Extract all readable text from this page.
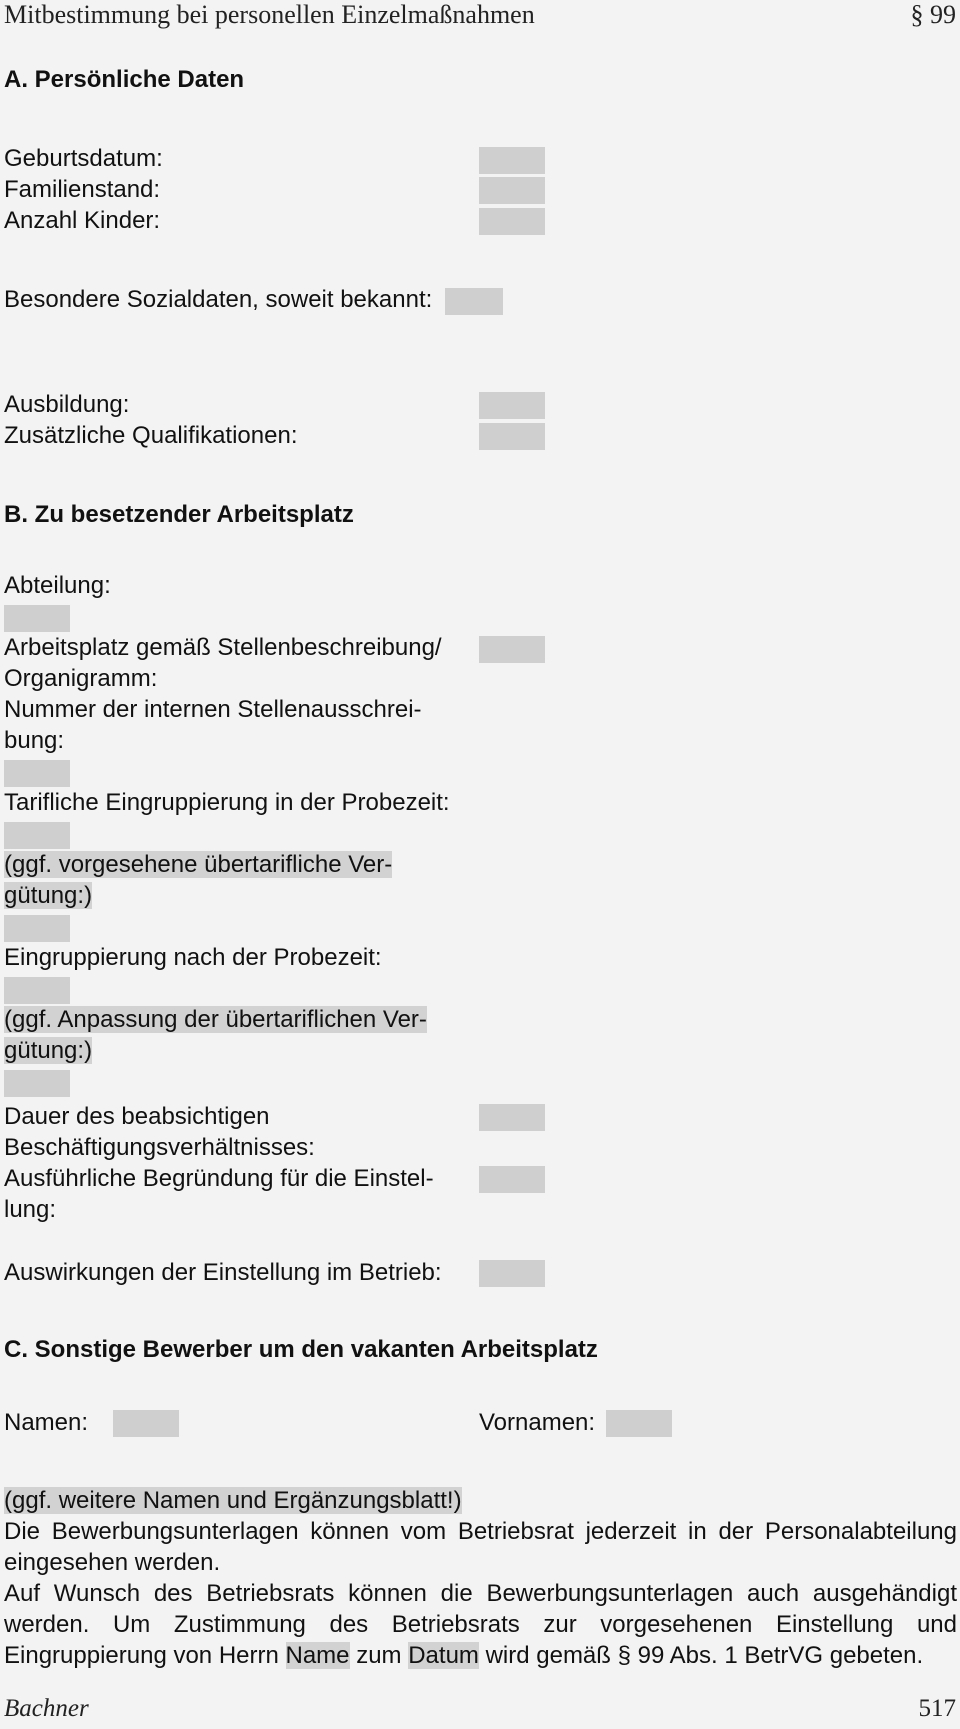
Mitbestimmung bei personellen Einzelmaßnahmen	§ 99
A. Persönliche Daten
Geburtsdatum:
Familienstand:
Anzahl Kinder:
Besondere Sozialdaten, soweit bekannt:
Ausbildung:
Zusätzliche Qualifikationen:
B. Zu besetzender Arbeitsplatz
Abteilung:
Arbeitsplatz gemäß Stellenbeschreibung/
Organigramm:
Nummer der internen Stellenausschrei-
bung:
Tarifliche Eingruppierung in der Probezeit:
(ggf. vorgesehene übertarifliche Ver-
gütung:)
Eingruppierung nach der Probezeit:
(ggf. Anpassung der übertariflichen Ver-
gütung:)
Dauer des beabsichtigen
Beschäftigungsverhältnisses:
Ausführliche Begründung für die Einstel-
lung:
Auswirkungen der Einstellung im Betrieb:
C. Sonstige Bewerber um den vakanten Arbeitsplatz
Namen:	Vornamen:
(ggf. weitere Namen und Ergänzungsblatt!)
Die Bewerbungsunterlagen können vom Betriebsrat jederzeit in der Personalabteilung eingesehen werden.
Auf Wunsch des Betriebsrats können die Bewerbungsunterlagen auch ausgehändigt werden. Um Zustimmung des Betriebsrats zur vorgesehenen Einstellung und Eingruppierung von Herrn Name zum Datum wird gemäß § 99 Abs. 1 BetrVG gebeten.
Bachner	517
